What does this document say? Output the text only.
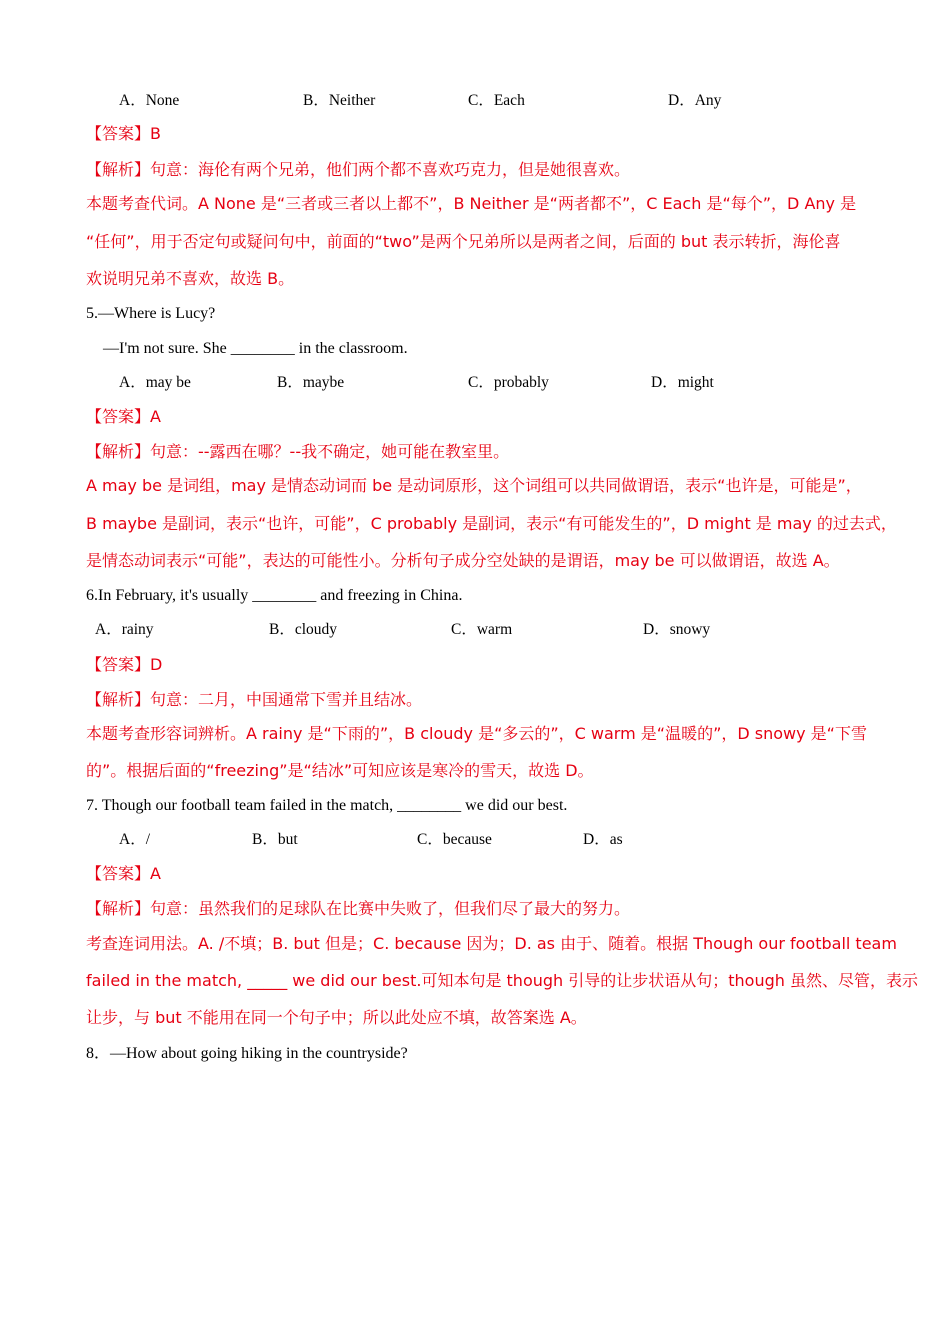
A．None	B．Neither	C．Each	D．Any
【答案】B
【解析】句意：海伦有两个兄弟，他们两个都不喜欢巧克力，但是她很喜欢。
本题考查代词。A None 是“三者或三者以上都不”，B Neither 是“两者都不”，C Each 是“每个”，D Any 是
“任何”，用于否定句或疑问句中，前面的“two”是两个兄弟所以是两者之间，后面的 but 表示转折，海伦喜
欢说明兄弟不喜欢，故选 B。
5.—Where is Lucy?
—I'm not sure. She ________ in the classroom.
A．may be	B．maybe	C．probably	D．might
【答案】A
【解析】句意：--露西在哪？--我不确定，她可能在教室里。
A may be 是词组，may 是情态动词而 be 是动词原形，这个词组可以共同做谓语，表示“也许是，可能是”，
B maybe 是副词，表示“也许，可能”，C probably 是副词，表示“有可能发生的”，D might 是 may 的过去式，
是情态动词表示“可能”，表达的可能性小。分析句子成分空处缺的是谓语，may be 可以做谓语，故选 A。
6.In February, it's usually ________ and freezing in China.
A．rainy	B．cloudy	C．warm	D．snowy
【答案】D
【解析】句意：二月，中国通常下雪并且结冰。
本题考查形容词辨析。A rainy 是“下雨的”，B cloudy 是“多云的”，C warm 是“温暖的”，D snowy 是“下雪
的”。根据后面的“freezing”是“结冰”可知应该是寒冷的雪天，故选 D。
7. Though our football team failed in the match, ________ we did our best.
A．/	B．but	C．because	D．as
【答案】A
【解析】句意：虽然我们的足球队在比赛中失败了，但我们尽了最大的努力。
考查连词用法。A. /不填；B. but 但是；C. because 因为；D. as 由于、随着。根据 Though our football team
failed in the match, _____ we did our best.可知本句是 though 引导的让步状语从句；though 虽然、尽管，表示
让步，与 but 不能用在同一个句子中；所以此处应不填，故答案选 A。
8．—How about going hiking in the countryside?
